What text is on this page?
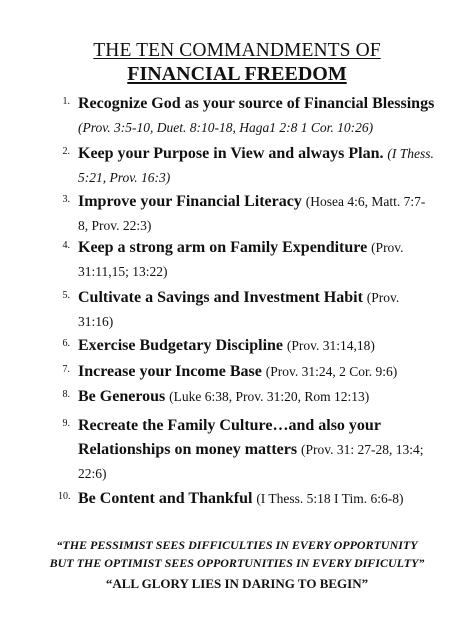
THE TEN COMMANDMENTS OF
FINANCIAL FREEDOM
1. Recognize God as your source of Financial Blessings
(Prov. 3:5-10, Duet. 8:10-18, Haga1 2:8 1 Cor. 10:26)
2. Keep your Purpose in View and always Plan. (I Thess.
5:21, Prov. 16:3)
3. Improve your Financial Literacy (Hosea 4:6, Matt. 7:7-
8, Prov. 22:3)
4. Keep a strong arm on Family Expenditure (Prov.
31:11,15; 13:22)
5. Cultivate a Savings and Investment Habit (Prov.
31:16)
6. Exercise Budgetary Discipline (Prov. 31:14,18)
7. Increase your Income Base (Prov. 31:24, 2 Cor. 9:6)
8. Be Generous (Luke 6:38, Prov. 31:20, Rom 12:13)
9. Recreate the Family Culture…and also your
Relationships on money matters (Prov. 31: 27-28, 13:4;
22:6)
10. Be Content and Thankful (I Thess. 5:18 I Tim. 6:6-8)
“THE PESSIMIST SEES DIFFICULTIES IN EVERY OPPORTUNITY
BUT THE OPTIMIST SEES OPPORTUNITIES IN EVERY DIFICULTY”
“ALL GLORY LIES IN DARING TO BEGIN”
